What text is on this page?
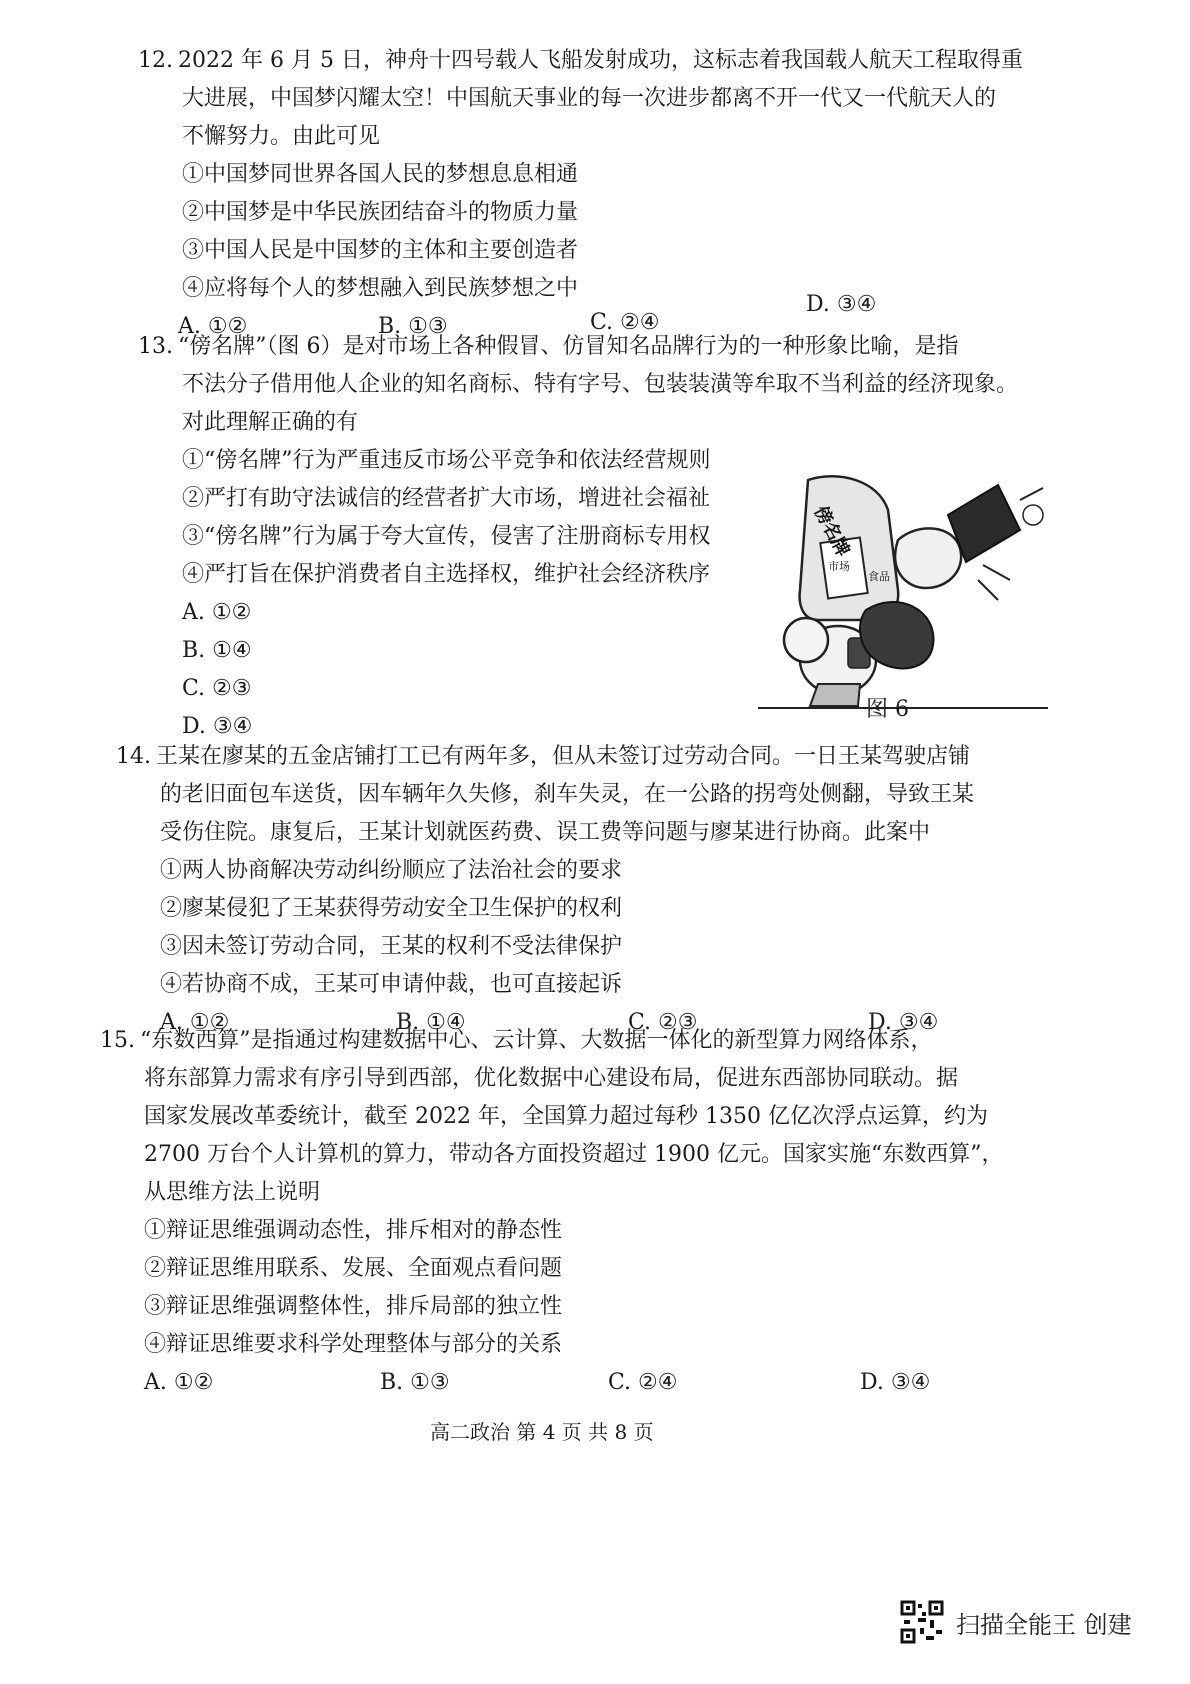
12. 2022 年 6 月 5 日，神舟十四号载人飞船发射成功，这标志着我国载人航天工程取得重
大进展，中国梦闪耀太空！中国航天事业的每一次进步都离不开一代又一代航天人的
不懈努力。由此可见
①中国梦同世界各国人民的梦想息息相通
②中国梦是中华民族团结奋斗的物质力量
③中国人民是中国梦的主体和主要创造者
④应将每个人的梦想融入到民族梦想之中
A. ①②	B. ①③	C. ②④
D. ③④
13. “傍名牌”（图 6）是对市场上各种假冒、仿冒知名品牌行为的一种形象比喻，是指
不法分子借用他人企业的知名商标、特有字号、包装装潢等牟取不当利益的经济现象。
对此理解正确的有
①“傍名牌”行为严重违反市场公平竞争和依法经营规则
②严打有助守法诚信的经营者扩大市场，增进社会福祉
③“傍名牌”行为属于夸大宣传，侵害了注册商标专用权
④严打旨在保护消费者自主选择权，维护社会经济秩序
A. ①②
B. ①④
C. ②③
D. ③④
傍名牌
市场
食品
图 6
14. 王某在廖某的五金店铺打工已有两年多，但从未签订过劳动合同。一日王某驾驶店铺
的老旧面包车送货，因车辆年久失修，刹车失灵，在一公路的拐弯处侧翻，导致王某
受伤住院。康复后，王某计划就医药费、误工费等问题与廖某进行协商。此案中
①两人协商解决劳动纠纷顺应了法治社会的要求
②廖某侵犯了王某获得劳动安全卫生保护的权利
③因未签订劳动合同，王某的权利不受法律保护
④若协商不成，王某可申请仲裁，也可直接起诉
A. ①②	B. ①④	C. ②③	D. ③④
15. “东数西算”是指通过构建数据中心、云计算、大数据一体化的新型算力网络体系，
将东部算力需求有序引导到西部，优化数据中心建设布局，促进东西部协同联动。据
国家发展改革委统计，截至 2022 年，全国算力超过每秒 1350 亿亿次浮点运算，约为
2700 万台个人计算机的算力，带动各方面投资超过 1900 亿元。国家实施“东数西算”，
从思维方法上说明
①辩证思维强调动态性，排斥相对的静态性
②辩证思维用联系、发展、全面观点看问题
③辩证思维强调整体性，排斥局部的独立性
④辩证思维要求科学处理整体与部分的关系
A. ①②	B. ①③	C. ②④	D. ③④
高二政治 第 4 页 共 8 页
扫描全能王 创建
